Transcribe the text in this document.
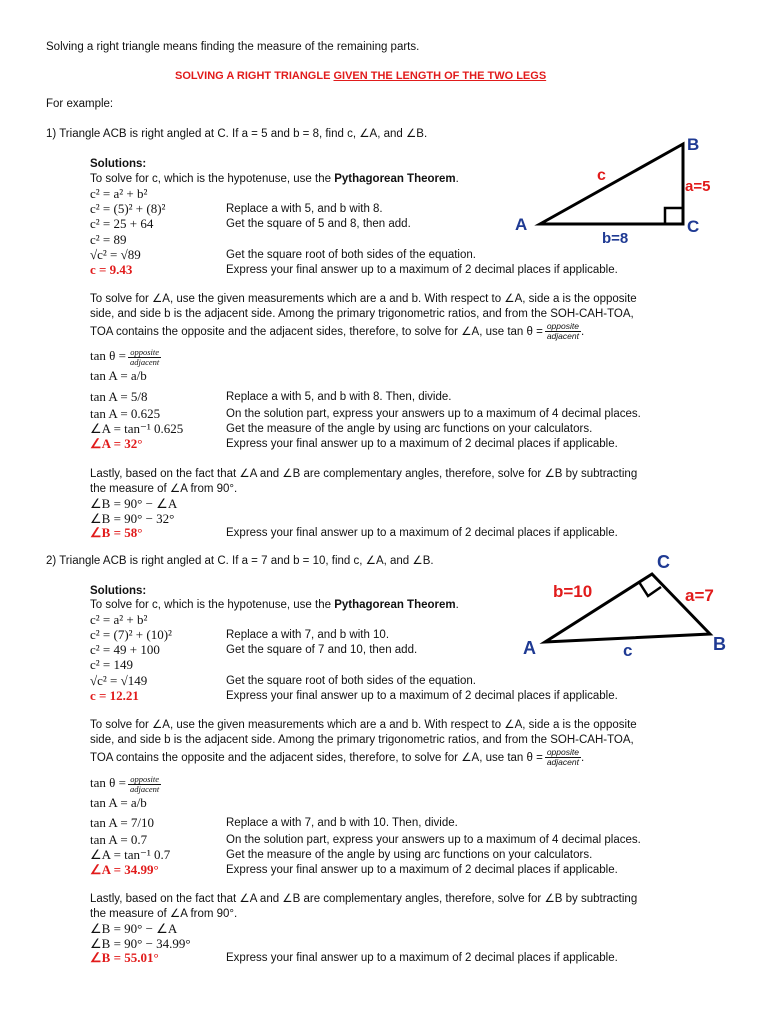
Solving a right triangle means finding the measure of the remaining parts.
SOLVING A RIGHT TRIANGLE GIVEN THE LENGTH OF THE TWO LEGS
For example:
1) Triangle ACB is right angled at C. If a = 5 and b = 8, find c, ∠A, and ∠B.
Solutions:
To solve for c, which is the hypotenuse, use the Pythagorean Theorem.
c² = a² + b²
c² = (5)² + (8)²	Replace a with 5, and b with 8.
c² = 25 + 64	Get the square of 5 and 8, then add.
c² = 89
√c² = √89	Get the square root of both sides of the equation.
c = 9.43	Express your final answer up to a maximum of 2 decimal places if applicable.
B
A	C
c
a=5
b=8
To solve for ∠A, use the given measurements which are a and b. With respect to ∠A, side a is the opposite
side, and side b is the adjacent side. Among the primary trigonometric ratios, and from the SOH-CAH-TOA,
TOA contains the opposite and the adjacent sides, therefore, to solve for ∠A, use $\tan \theta = \frac{\text{opposite}}{\text{adjacent}}$ .
$\tan \theta = \frac{\text{opposite}}{\text{adjacent}}$
tan A = a/b
tan A = 5/8	Replace a with 5, and b with 8. Then, divide.
tan A = 0.625	On the solution part, express your answers up to a maximum of 4 decimal places.
∠A = tan⁻¹ 0.625	Get the measure of the angle by using arc functions on your calculators.
∠A = 32°	Express your final answer up to a maximum of 2 decimal places if applicable.
Lastly, based on the fact that ∠A and ∠B are complementary angles, therefore, solve for ∠B by subtracting
the measure of ∠A from 90°.
∠B = 90° − ∠A
∠B = 90° − 32°
∠B = 58°	Express your final answer up to a maximum of 2 decimal places if applicable.
2) Triangle ACB is right angled at C. If a = 7 and b = 10, find c, ∠A, and ∠B.
Solutions:
To solve for c, which is the hypotenuse, use the Pythagorean Theorem.
c² = a² + b²
c² = (7)² + (10)²	Replace a with 7, and b with 10.
c² = 49 + 100	Get the square of 7 and 10, then add.
c² = 149
√c² = √149	Get the square root of both sides of the equation.
c = 12.21	Express your final answer up to a maximum of 2 decimal places if applicable.
C
A	B
b=10	a=7
c
To solve for ∠A, use the given measurements which are a and b. With respect to ∠A, side a is the opposite
side, and side b is the adjacent side. Among the primary trigonometric ratios, and from the SOH-CAH-TOA,
TOA contains the opposite and the adjacent sides, therefore, to solve for ∠A, use $\tan \theta = \frac{\text{opposite}}{\text{adjacent}}$ .
$\tan \theta = \frac{\text{opposite}}{\text{adjacent}}$
tan A = a/b
tan A = 7/10	Replace a with 7, and b with 10. Then, divide.
tan A = 0.7	On the solution part, express your answers up to a maximum of 4 decimal places.
∠A = tan⁻¹ 0.7	Get the measure of the angle by using arc functions on your calculators.
∠A = 34.99°	Express your final answer up to a maximum of 2 decimal places if applicable.
Lastly, based on the fact that ∠A and ∠B are complementary angles, therefore, solve for ∠B by subtracting
the measure of ∠A from 90°.
∠B = 90° − ∠A
∠B = 90° − 34.99°
∠B = 55.01°	Express your final answer up to a maximum of 2 decimal places if applicable.
